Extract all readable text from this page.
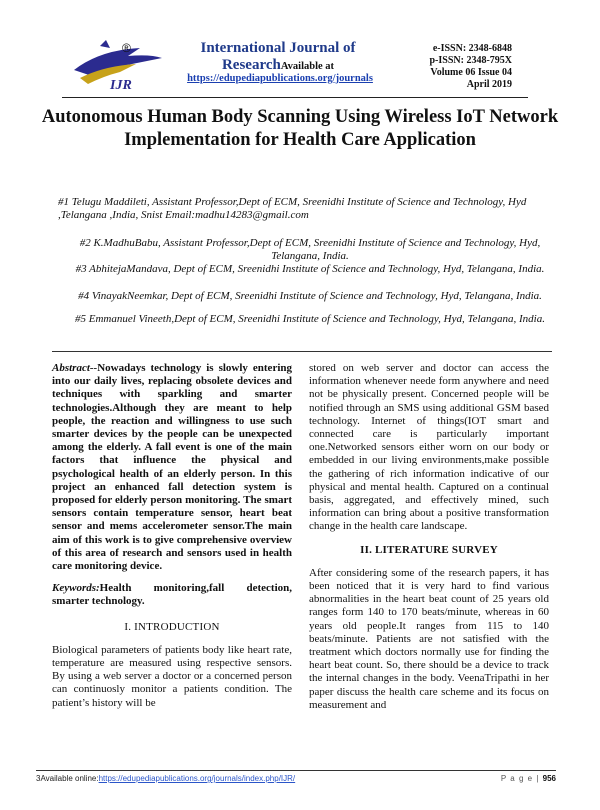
IJR
®	International Journal of
ResearchAvailable at
https://edupediapublications.org/journals
e-ISSN: 2348-6848
p-ISSN: 2348-795X
Volume 06 Issue 04
April 2019
Autonomous Human Body Scanning Using Wireless IoT Network Implementation for Health Care Application
#1 Telugu Maddileti, Assistant Professor,Dept of ECM, Sreenidhi Institute of Science and Technology, Hyd ,Telangana ,India, Snist Email:madhu14283@gmail.com
#2 K.MadhuBabu, Assistant Professor,Dept of ECM, Sreenidhi Institute of Science and Technology, Hyd, Telangana, India.
#3 AbhitejaMandava, Dept of ECM, Sreenidhi Institute of Science and Technology, Hyd, Telangana, India.
#4 VinayakNeemkar, Dept of ECM, Sreenidhi Institute of Science and Technology, Hyd, Telangana, India.
#5 Emmanuel Vineeth,Dept of ECM, Sreenidhi Institute of Science and Technology, Hyd, Telangana, India.

Abstract--Nowadays technology is slowly entering into our daily lives, replacing obsolete devices and techniques with sparkling and smarter technologies.Although they are meant to help people, the reaction and willingness to use such smarter devices by the people can be unexpected among the elderly. A fall event is one of the main factors that influence the physical and psychological health of an elderly person. In this project an enhanced fall detection system is proposed for elderly person monitoring. The smart sensors contain temperature sensor, heart beat sensor and mems accelerometer sensor.The main aim of this work is to give comprehensive overview of this area of research and sensors used in health care monitoring device.

Keywords:Health monitoring,fall detection, smarter technology.

I. INTRODUCTION

Biological parameters of patients body like heart rate, temperature are measured using respective sensors. By using a web server a doctor or a concerned person can continuosly monitor a patients condition. The patient’s history will be

stored on web server and doctor can access the information whenever neede form anywhere and need not be physically present. Concerned people will be notified through an SMS using additional GSM based technology. Internet of things(IOT smart and connected care is particularly important one.Networked sensors either worn on our body or embedded in our living environments,make possible the gathering of rich information indicative of our physical and mental health. Captured on a continual basis, aggregated, and effectively mined, such information can bring about a positive transformation change in the health care landscape.

II. LITERATURE SURVEY

After considering some of the research papers, it has been noticed that it is very hard to find various abnormalities in the heart beat count of 25 years old ranges form 140 to 170 beats/minute, whereas in 60 years old people.It ranges from 115 to 140 beats/minute. Patients are not satisfied with the treatment which doctors normally use for finding the heart beat count. So, there should be a device to track the internal changes in the body. VeenaTripathi in her paper discuss the health care scheme and its focus on measurement and

3Available online:https://edupediapublications.org/journals/index.php/IJR/	P a g e | 956
